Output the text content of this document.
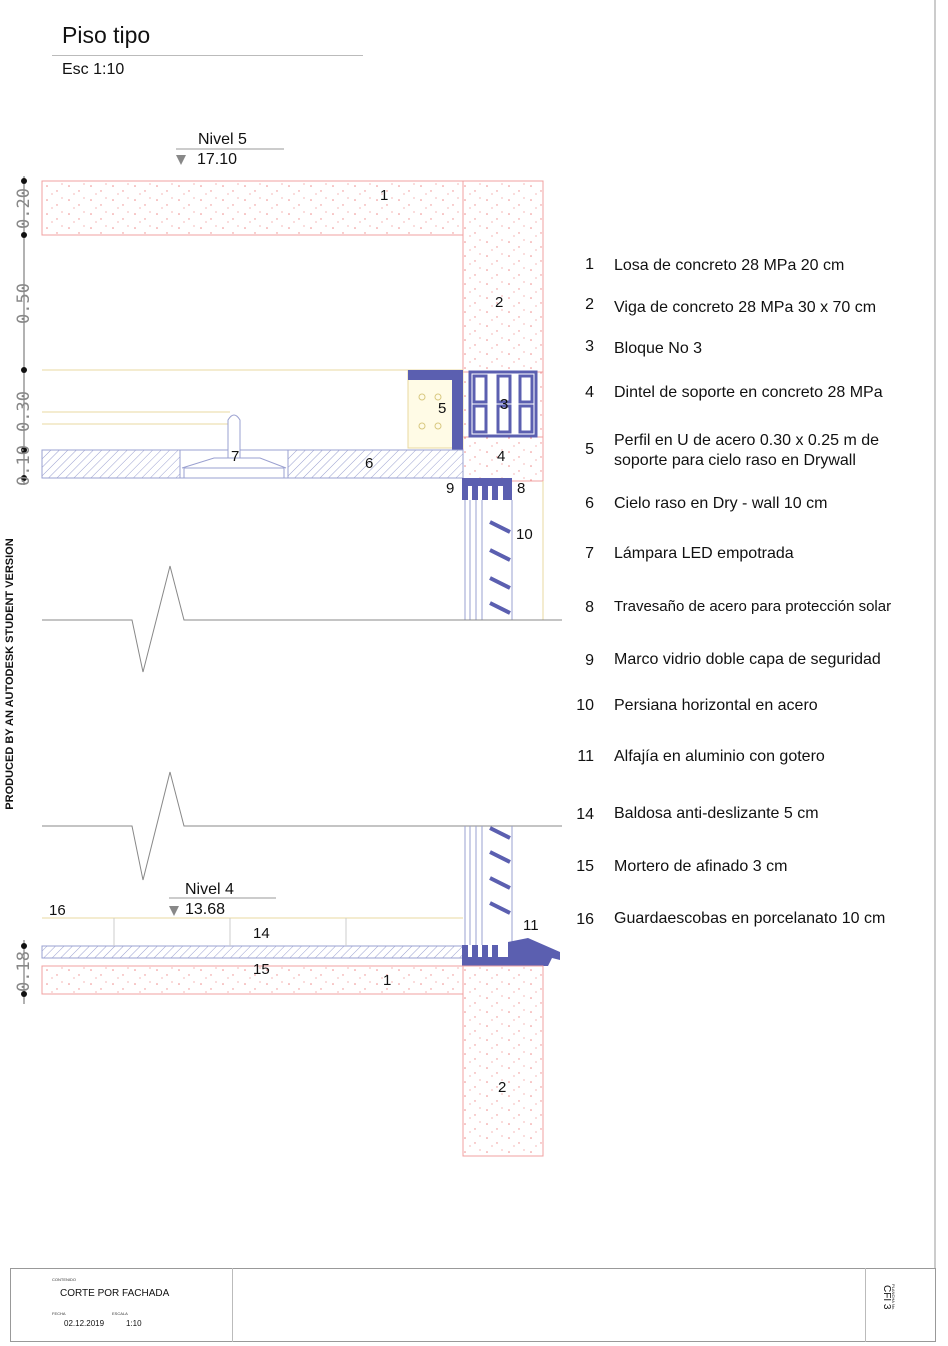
Piso tipo
Esc 1:10
PRODUCED BY AN AUTODESK STUDENT VERSION
Nivel 5
17.10
Nivel 4
13.68
0.20
0.50
0.30
0.10
0.18
1
2
3
4
5
6
7
8
9
10
11
14
15
16
1
2
1 Losa de concreto 28 MPa 20 cm
2 Viga de concreto 28 MPa 30 x 70 cm
3 Bloque No 3
4 Dintel de soporte en concreto 28 MPa
5
Perfil en U de acero 0.30 x 0.25 m de soporte para cielo raso en Drywall
6 Cielo raso en Dry - wall 10 cm
7 Lámpara LED empotrada
8 Travesaño de acero para protección solar
9 Marco vidrio doble capa de seguridad
10 Persiana horizontal en acero
11 Alfajía en aluminio con gotero
14 Baldosa anti-deslizante 5 cm
15 Mortero de afinado 3 cm
16 Guardaescobas en porcelanato 10 cm
CONTENIDO
CORTE POR FACHADA
FECHA	ESCALA
02.12.2019	1:10
PLANCHA No.
CFI 3
